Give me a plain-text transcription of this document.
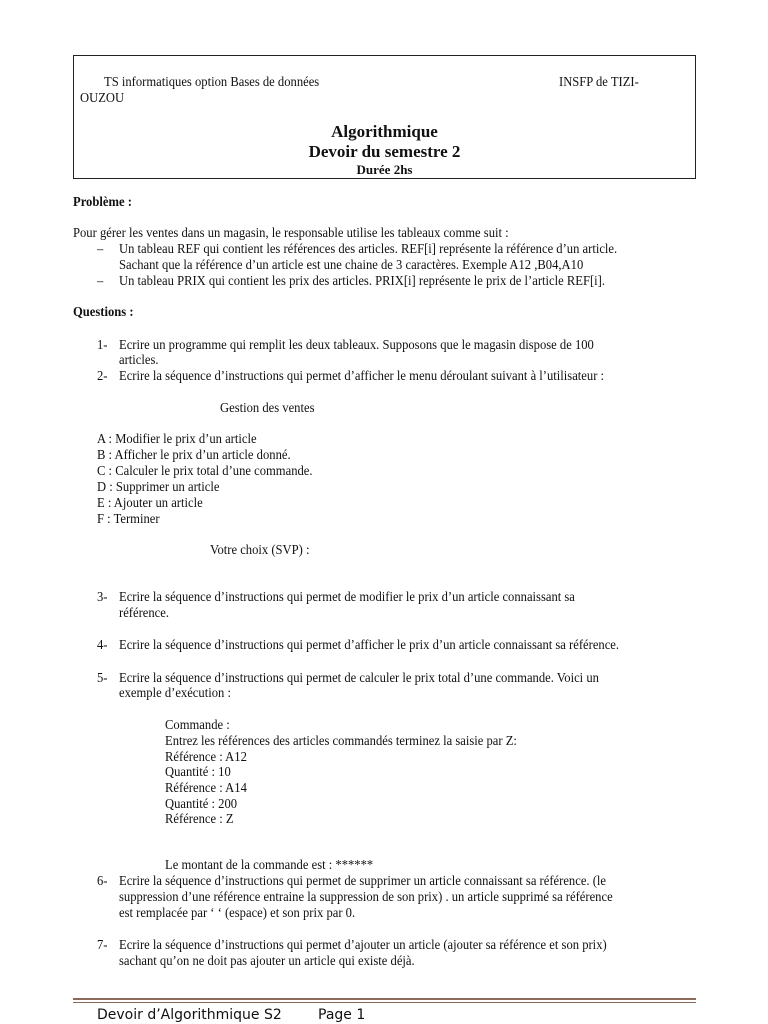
TS informatiques option Bases de données	INSFP de TIZI-
OUZOU
Algorithmique
Devoir du semestre 2
Durée 2hs
Problème :
Pour gérer les ventes dans un magasin, le responsable utilise les tableaux comme suit :
– Un tableau REF qui contient les références des articles. REF[i] représente la référence d’un article.
Sachant que la référence d’un article est une chaine de 3 caractères. Exemple A12 ,B04,A10
– Un tableau PRIX qui contient les prix des articles. PRIX[i] représente le prix de l’article REF[i].
Questions :
1- Ecrire un programme qui remplit les deux tableaux. Supposons que le magasin dispose de 100
articles.
2- Ecrire la séquence d’instructions qui permet d’afficher le menu déroulant suivant à l’utilisateur :
Gestion des ventes
A : Modifier le prix d’un article
B : Afficher le prix d’un article donné.
C : Calculer le prix total d’une commande.
D : Supprimer un article
E : Ajouter un article
F : Terminer
Votre choix (SVP) :
3- Ecrire la séquence d’instructions qui permet de modifier le prix d’un article connaissant sa
référence.
4- Ecrire la séquence d’instructions qui permet d’afficher le prix d’un article connaissant sa référence.
5- Ecrire la séquence d’instructions qui permet de calculer le prix total d’une commande. Voici un
exemple d’exécution :
Commande :
Entrez les références des articles commandés terminez la saisie par Z:
Référence : A12
Quantité : 10
Référence : A14
Quantité : 200
Référence : Z
Le montant de la commande est : ******
6- Ecrire la séquence d’instructions qui permet de supprimer un article connaissant sa référence. (le
suppression d’une référence entraine la suppression de son prix) . un article supprimé sa référence
est remplacée par ‘ ‘ (espace) et son prix par 0.
7- Ecrire la séquence d’instructions qui permet d’ajouter un article (ajouter sa référence et son prix)
sachant qu’on ne doit pas ajouter un article qui existe déjà.
Devoir d’Algorithmique S2	Page 1
